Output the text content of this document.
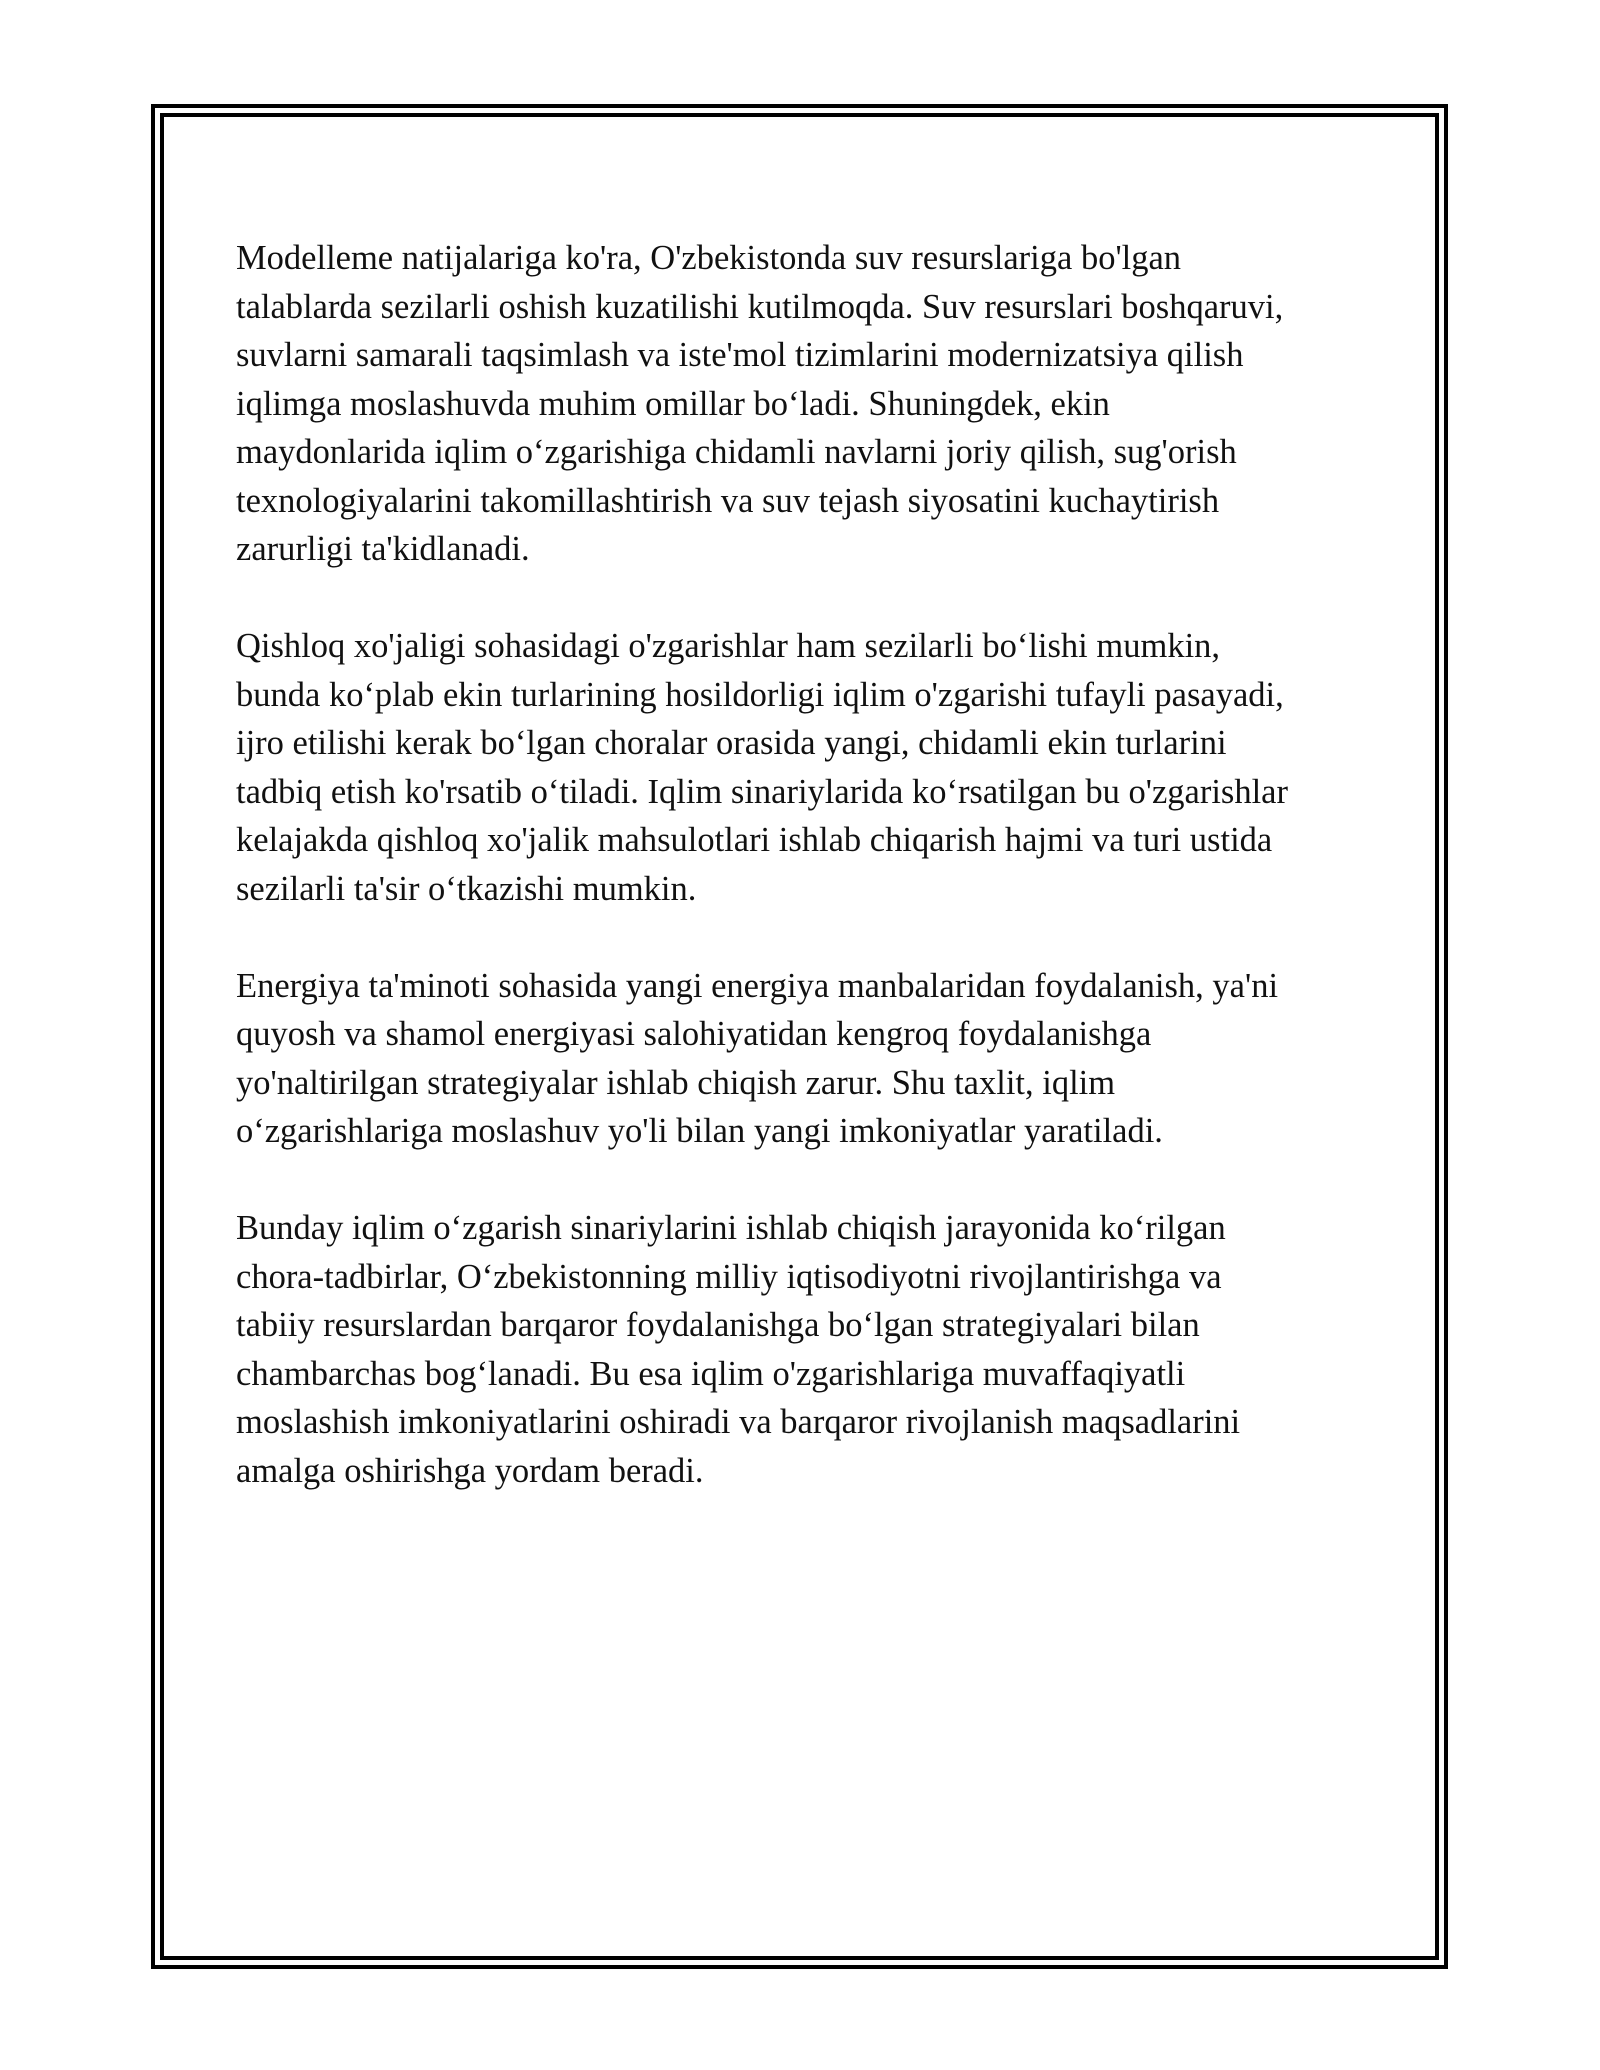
Modelleme natijalariga ko'ra, O'zbekistonda suv resurslariga bo'lgan
talablarda sezilarli oshish kuzatilishi kutilmoqda. Suv resurslari boshqaruvi,
suvlarni samarali taqsimlash va iste'mol tizimlarini modernizatsiya qilish
iqlimga moslashuvda muhim omillar bo‘ladi. Shuningdek, ekin
maydonlarida iqlim o‘zgarishiga chidamli navlarni joriy qilish, sug'orish
texnologiyalarini takomillashtirish va suv tejash siyosatini kuchaytirish
zarurligi ta'kidlanadi.

Qishloq xo'jaligi sohasidagi o'zgarishlar ham sezilarli bo‘lishi mumkin,
bunda ko‘plab ekin turlarining hosildorligi iqlim o'zgarishi tufayli pasayadi,
ijro etilishi kerak bo‘lgan choralar orasida yangi, chidamli ekin turlarini
tadbiq etish ko'rsatib o‘tiladi. Iqlim sinariylarida ko‘rsatilgan bu o'zgarishlar
kelajakda qishloq xo'jalik mahsulotlari ishlab chiqarish hajmi va turi ustida
sezilarli ta'sir o‘tkazishi mumkin.

Energiya ta'minoti sohasida yangi energiya manbalaridan foydalanish, ya'ni
quyosh va shamol energiyasi salohiyatidan kengroq foydalanishga
yo'naltirilgan strategiyalar ishlab chiqish zarur. Shu taxlit, iqlim
o‘zgarishlariga moslashuv yo'li bilan yangi imkoniyatlar yaratiladi.

Bunday iqlim o‘zgarish sinariylarini ishlab chiqish jarayonida ko‘rilgan
chora-tadbirlar, O‘zbekistonning milliy iqtisodiyotni rivojlantirishga va
tabiiy resurslardan barqaror foydalanishga bo‘lgan strategiyalari bilan
chambarchas bog‘lanadi. Bu esa iqlim o'zgarishlariga muvaffaqiyatli
moslashish imkoniyatlarini oshiradi va barqaror rivojlanish maqsadlarini
amalga oshirishga yordam beradi.
